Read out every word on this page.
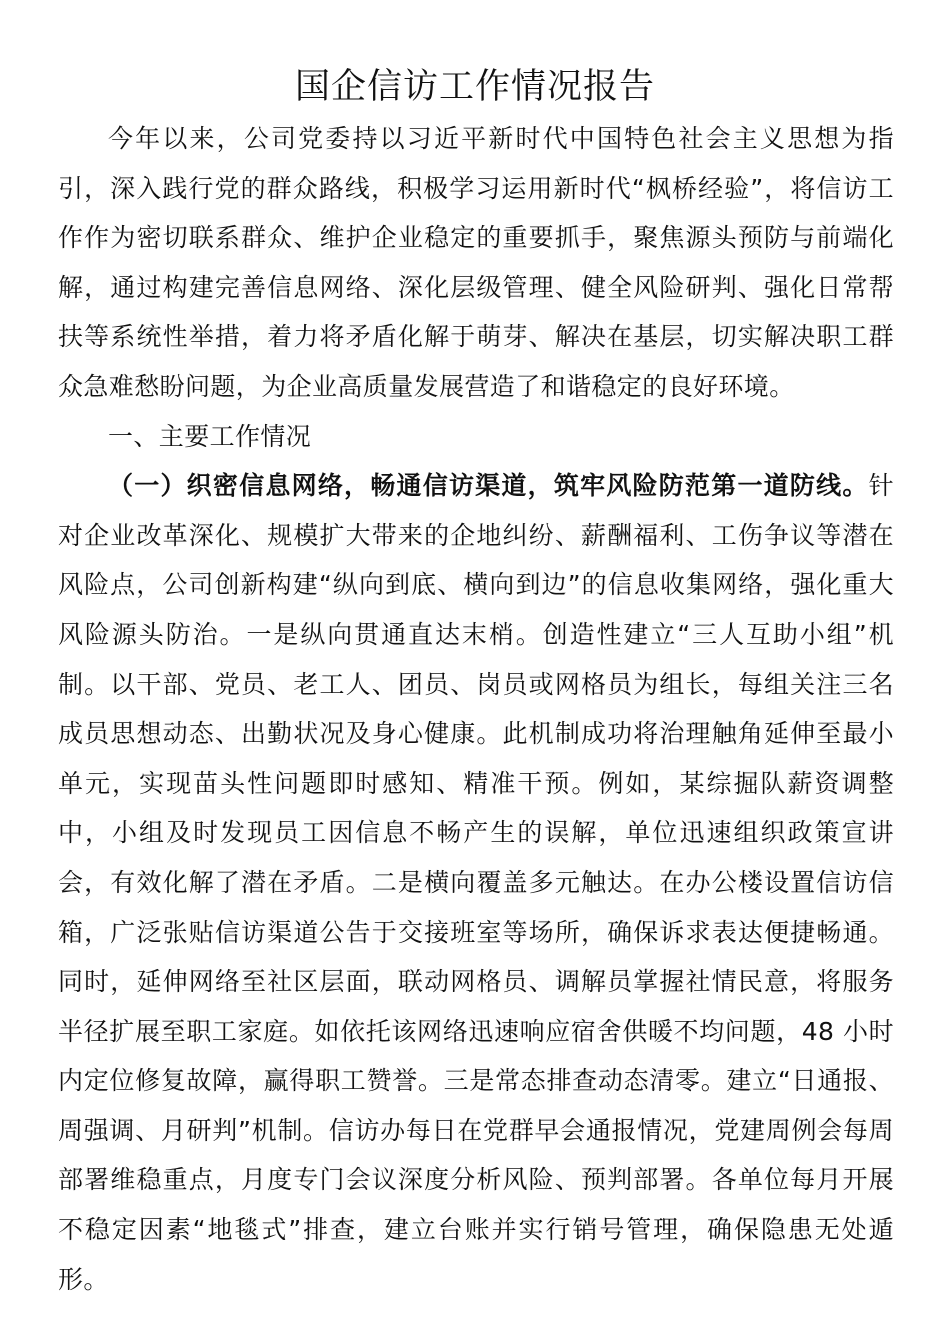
国企信访工作情况报告

今年以来，公司党委持以习近平新时代中国特色社会主义思想为指引，深入践行党的群众路线，积极学习运用新时代“枫桥经验”，将信访工作作为密切联系群众、维护企业稳定的重要抓手，聚焦源头预防与前端化解，通过构建完善信息网络、深化层级管理、健全风险研判、强化日常帮扶等系统性举措，着力将矛盾化解于萌芽、解决在基层，切实解决职工群众急难愁盼问题，为企业高质量发展营造了和谐稳定的良好环境。

一、主要工作情况

（一）织密信息网络，畅通信访渠道，筑牢风险防范第一道防线。针对企业改革深化、规模扩大带来的企地纠纷、薪酬福利、工伤争议等潜在风险点，公司创新构建“纵向到底、横向到边”的信息收集网络，强化重大风险源头防治。一是纵向贯通直达末梢。创造性建立“三人互助小组”机制。以干部、党员、老工人、团员、岗员或网格员为组长，每组关注三名成员思想动态、出勤状况及身心健康。此机制成功将治理触角延伸至最小单元，实现苗头性问题即时感知、精准干预。例如，某综掘队薪资调整中，小组及时发现员工因信息不畅产生的误解，单位迅速组织政策宣讲会，有效化解了潜在矛盾。二是横向覆盖多元触达。在办公楼设置信访信箱，广泛张贴信访渠道公告于交接班室等场所，确保诉求表达便捷畅通。同时，延伸网络至社区层面，联动网格员、调解员掌握社情民意，将服务半径扩展至职工家庭。如依托该网络迅速响应宿舍供暖不均问题，48 小时内定位修复故障，赢得职工赞誉。三是常态排查动态清零。建立“日通报、周强调、月研判”机制。信访办每日在党群早会通报情况，党建周例会每周部署维稳重点，月度专门会议深度分析风险、预判部署。各单位每月开展不稳定因素“地毯式”排查，建立台账并实行销号管理，确保隐患无处遁形。
